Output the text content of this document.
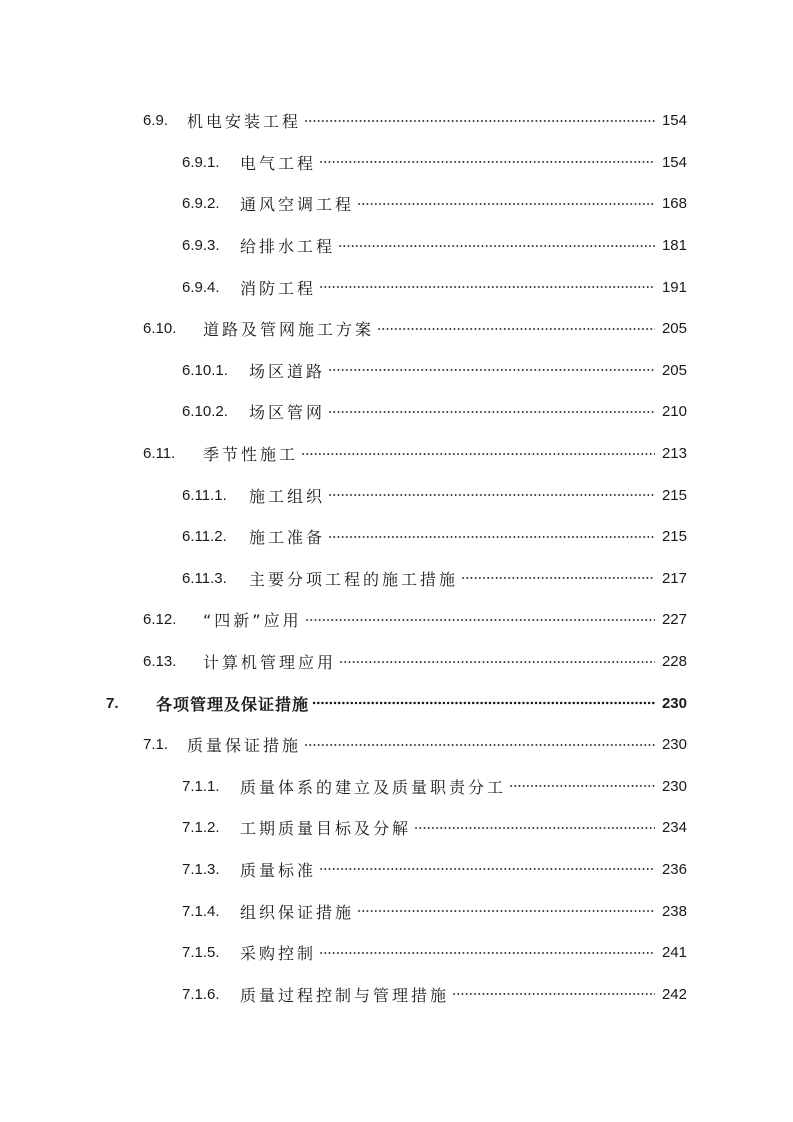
6.9.	机电安装工程	154
6.9.1.	电气工程	154
6.9.2.	通风空调工程	168
6.9.3.	给排水工程	181
6.9.4.	消防工程	191
6.10.	道路及管网施工方案	205
6.10.1.	场区道路	205
6.10.2.	场区管网	210
6.11.	季节性施工	213
6.11.1.	施工组织	215
6.11.2.	施工准备	215
6.11.3.	主要分项工程的施工措施	217
6.12.	“四新”应用	227
6.13.	计算机管理应用	228
7.	各项管理及保证措施	230
7.1.	质量保证措施	230
7.1.1.	质量体系的建立及质量职责分工	230
7.1.2.	工期质量目标及分解	234
7.1.3.	质量标准	236
7.1.4.	组织保证措施	238
7.1.5.	采购控制	241
7.1.6.	质量过程控制与管理措施	242
